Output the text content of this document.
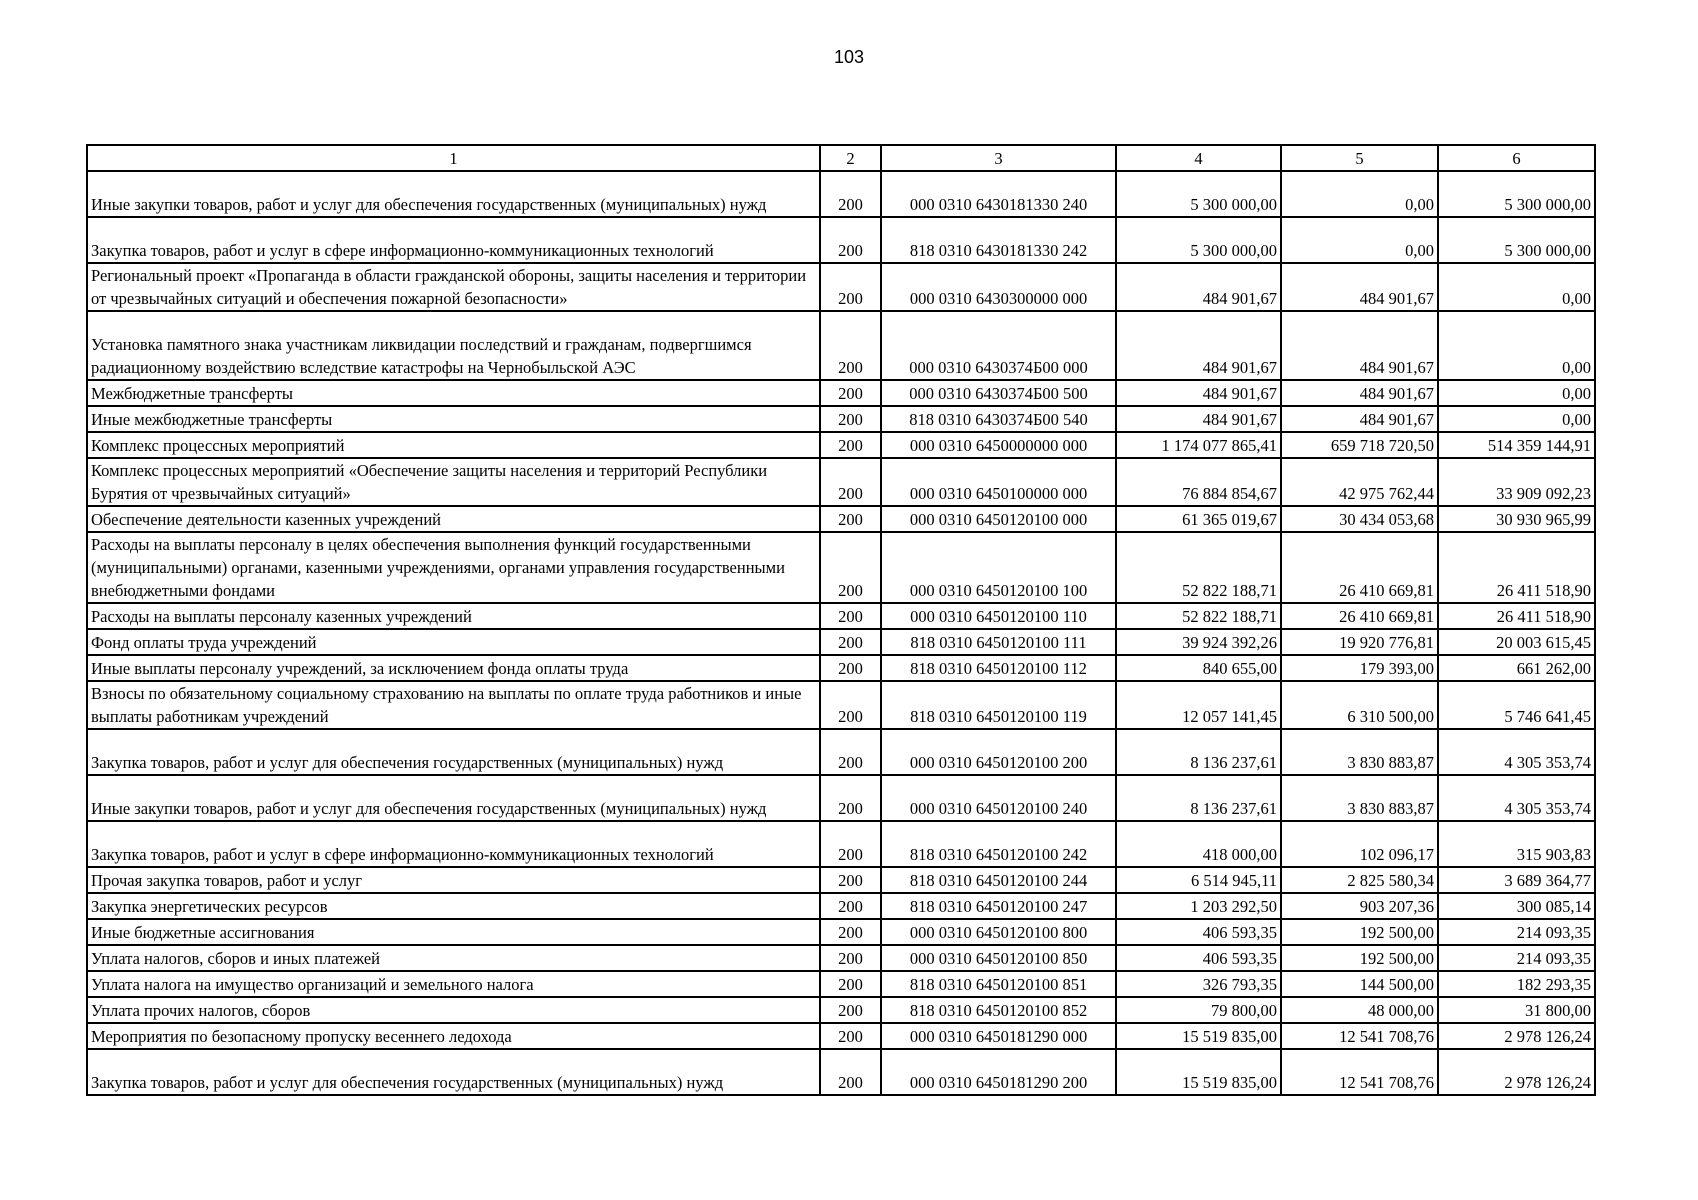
103
1	2	3	4	5	6
Иные закупки товаров, работ и услуг для обеспечения государственных (муниципальных) нужд	200	000 0310 6430181330 240	5 300 000,00	0,00	5 300 000,00
Закупка товаров, работ и услуг в сфере информационно-коммуникационных технологий	200	818 0310 6430181330 242	5 300 000,00	0,00	5 300 000,00
Региональный проект «Пропаганда в области гражданской обороны, защиты населения и территории от чрезвычайных ситуаций и обеспечения пожарной безопасности»	200	000 0310 6430300000 000	484 901,67	484 901,67	0,00
Установка памятного знака участникам ликвидации последствий и гражданам, подвергшимся радиационному воздействию вследствие катастрофы на Чернобыльской АЭС	200	000 0310 6430374Б00 000	484 901,67	484 901,67	0,00
Межбюджетные трансферты	200	000 0310 6430374Б00 500	484 901,67	484 901,67	0,00
Иные межбюджетные трансферты	200	818 0310 6430374Б00 540	484 901,67	484 901,67	0,00
Комплекс процессных мероприятий	200	000 0310 6450000000 000	1 174 077 865,41	659 718 720,50	514 359 144,91
Комплекс процессных мероприятий «Обеспечение защиты населения и территорий Республики Бурятия от чрезвычайных ситуаций»	200	000 0310 6450100000 000	76 884 854,67	42 975 762,44	33 909 092,23
Обеспечение деятельности казенных учреждений	200	000 0310 6450120100 000	61 365 019,67	30 434 053,68	30 930 965,99
Расходы на выплаты персоналу в целях обеспечения выполнения функций государственными (муниципальными) органами, казенными учреждениями, органами управления государственными внебюджетными фондами	200	000 0310 6450120100 100	52 822 188,71	26 410 669,81	26 411 518,90
Расходы на выплаты персоналу казенных учреждений	200	000 0310 6450120100 110	52 822 188,71	26 410 669,81	26 411 518,90
Фонд оплаты труда учреждений	200	818 0310 6450120100 111	39 924 392,26	19 920 776,81	20 003 615,45
Иные выплаты персоналу учреждений, за исключением фонда оплаты труда	200	818 0310 6450120100 112	840 655,00	179 393,00	661 262,00
Взносы по обязательному социальному страхованию на выплаты по оплате труда работников и иные выплаты работникам учреждений	200	818 0310 6450120100 119	12 057 141,45	6 310 500,00	5 746 641,45
Закупка товаров, работ и услуг для обеспечения государственных (муниципальных) нужд	200	000 0310 6450120100 200	8 136 237,61	3 830 883,87	4 305 353,74
Иные закупки товаров, работ и услуг для обеспечения государственных (муниципальных) нужд	200	000 0310 6450120100 240	8 136 237,61	3 830 883,87	4 305 353,74
Закупка товаров, работ и услуг в сфере информационно-коммуникационных технологий	200	818 0310 6450120100 242	418 000,00	102 096,17	315 903,83
Прочая закупка товаров, работ и услуг	200	818 0310 6450120100 244	6 514 945,11	2 825 580,34	3 689 364,77
Закупка энергетических ресурсов	200	818 0310 6450120100 247	1 203 292,50	903 207,36	300 085,14
Иные бюджетные ассигнования	200	000 0310 6450120100 800	406 593,35	192 500,00	214 093,35
Уплата налогов, сборов и иных платежей	200	000 0310 6450120100 850	406 593,35	192 500,00	214 093,35
Уплата налога на имущество организаций и земельного налога	200	818 0310 6450120100 851	326 793,35	144 500,00	182 293,35
Уплата прочих налогов, сборов	200	818 0310 6450120100 852	79 800,00	48 000,00	31 800,00
Мероприятия по безопасному пропуску весеннего ледохода	200	000 0310 6450181290 000	15 519 835,00	12 541 708,76	2 978 126,24
Закупка товаров, работ и услуг для обеспечения государственных (муниципальных) нужд	200	000 0310 6450181290 200	15 519 835,00	12 541 708,76	2 978 126,24
